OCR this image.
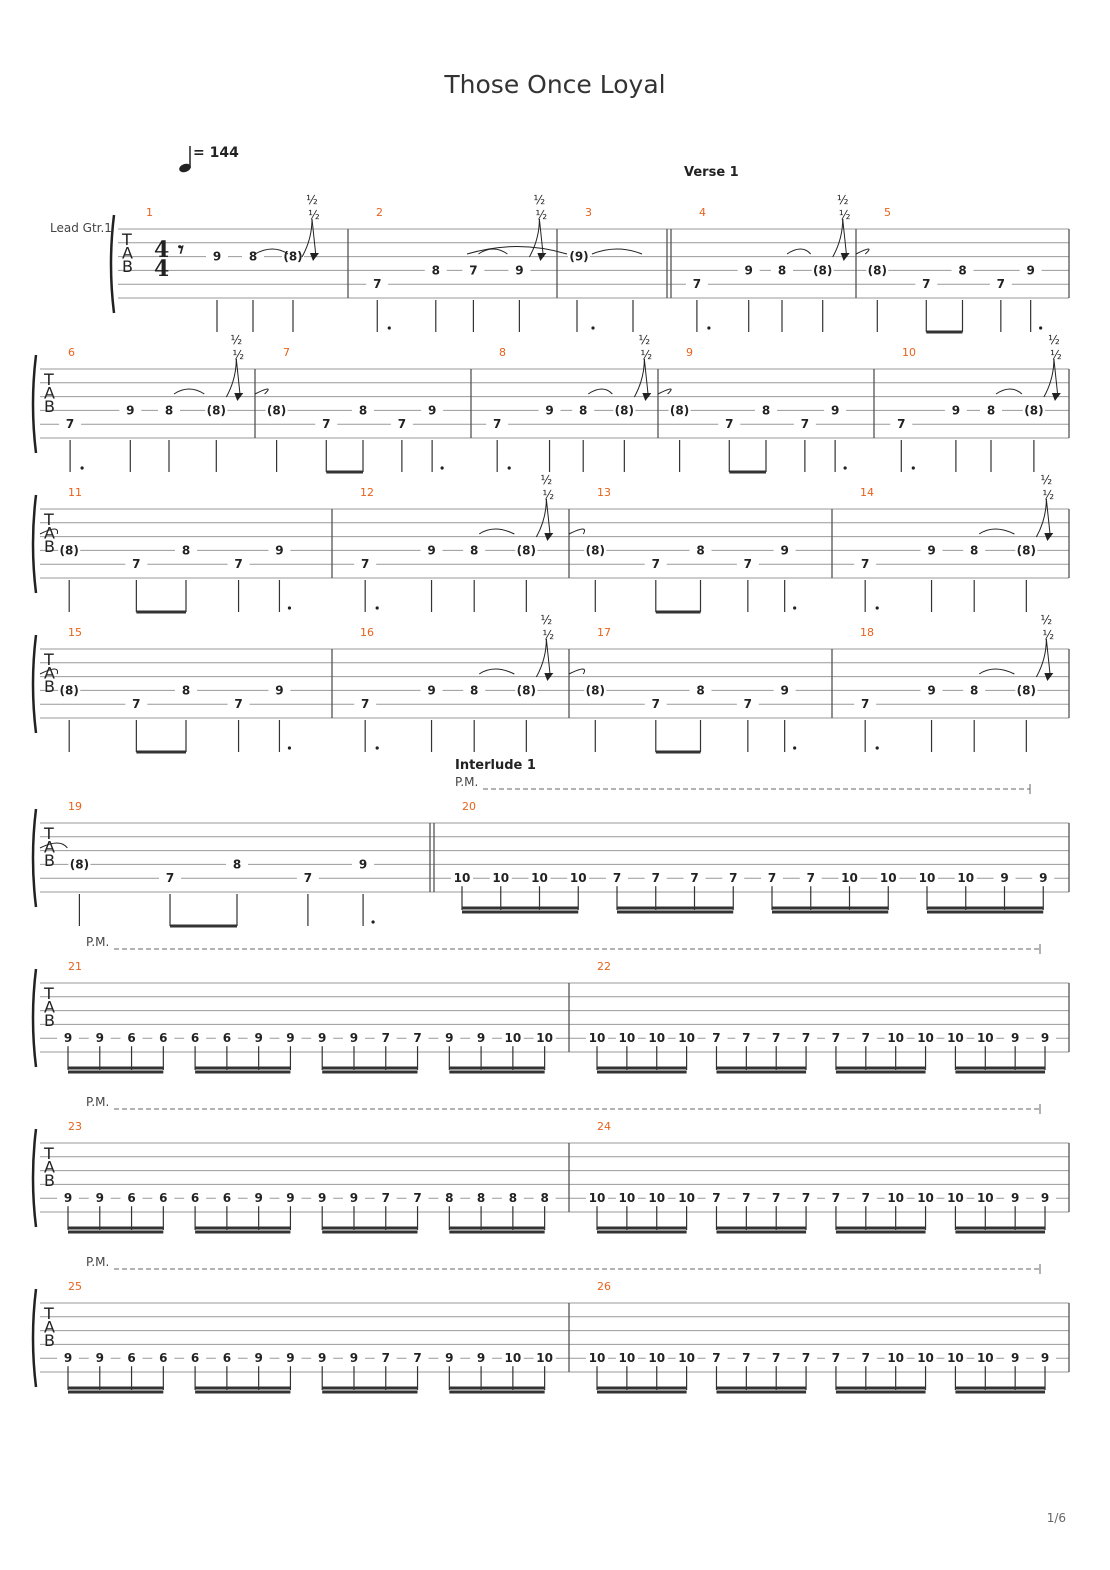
Those Once Loyal
= 144
Lead Gtr.1
1/6
T
A
B
4
4
1
𝄾 9 8 (8)
½
½	2
7
8 7	9
½
½	3
(9)
4
7
9 8 (8)
½
½	5
(8)
7
8
7
9
T
A
B
6
7
9	8	(8)
½
½	7
(8)
7
8
7
9
8
7
9 8 (8)
½
½	9
(8)
7
8
7
9
10
7
9 8 (8)
½
½
T
A
B
11
(8)
7
8
7
9
12
7
9	8	(8)
½
½	13
(8)
7
8
7
9
14
7
9	8	(8)
½
½
T
A
B
15
(8)
7
8
7
9
16
7
9	8	(8)
½
½	17
(8)
7
8
7
9
18
7
9	8	(8)
½
½
T
A
B
19
(8)
7
8
7
9
20
10 10 10 10 7	7	7	7	7	7 10 10 10 10 9	9
P.M.
T
A
B
21
9 9 6 6 6 6 9 9 9 9 7 7 9 9 10 10
22
10 10 10 10 7 7 7 7 7 7 10 10 10 10 9 9
P.M.
T
A
B
23
9 9 6 6 6 6 9 9 9 9 7 7 8 8 8 8
24
10 10 10 10 7 7 7 7 7 7 10 10 10 10 9 9
P.M.
T
A
B
25
9 9 6 6 6 6 9 9 9 9 7 7 9 9 10 10
26
10 10 10 10 7 7 7 7 7 7 10 10 10 10 9 9
P.M.
Verse 1
Interlude 1
